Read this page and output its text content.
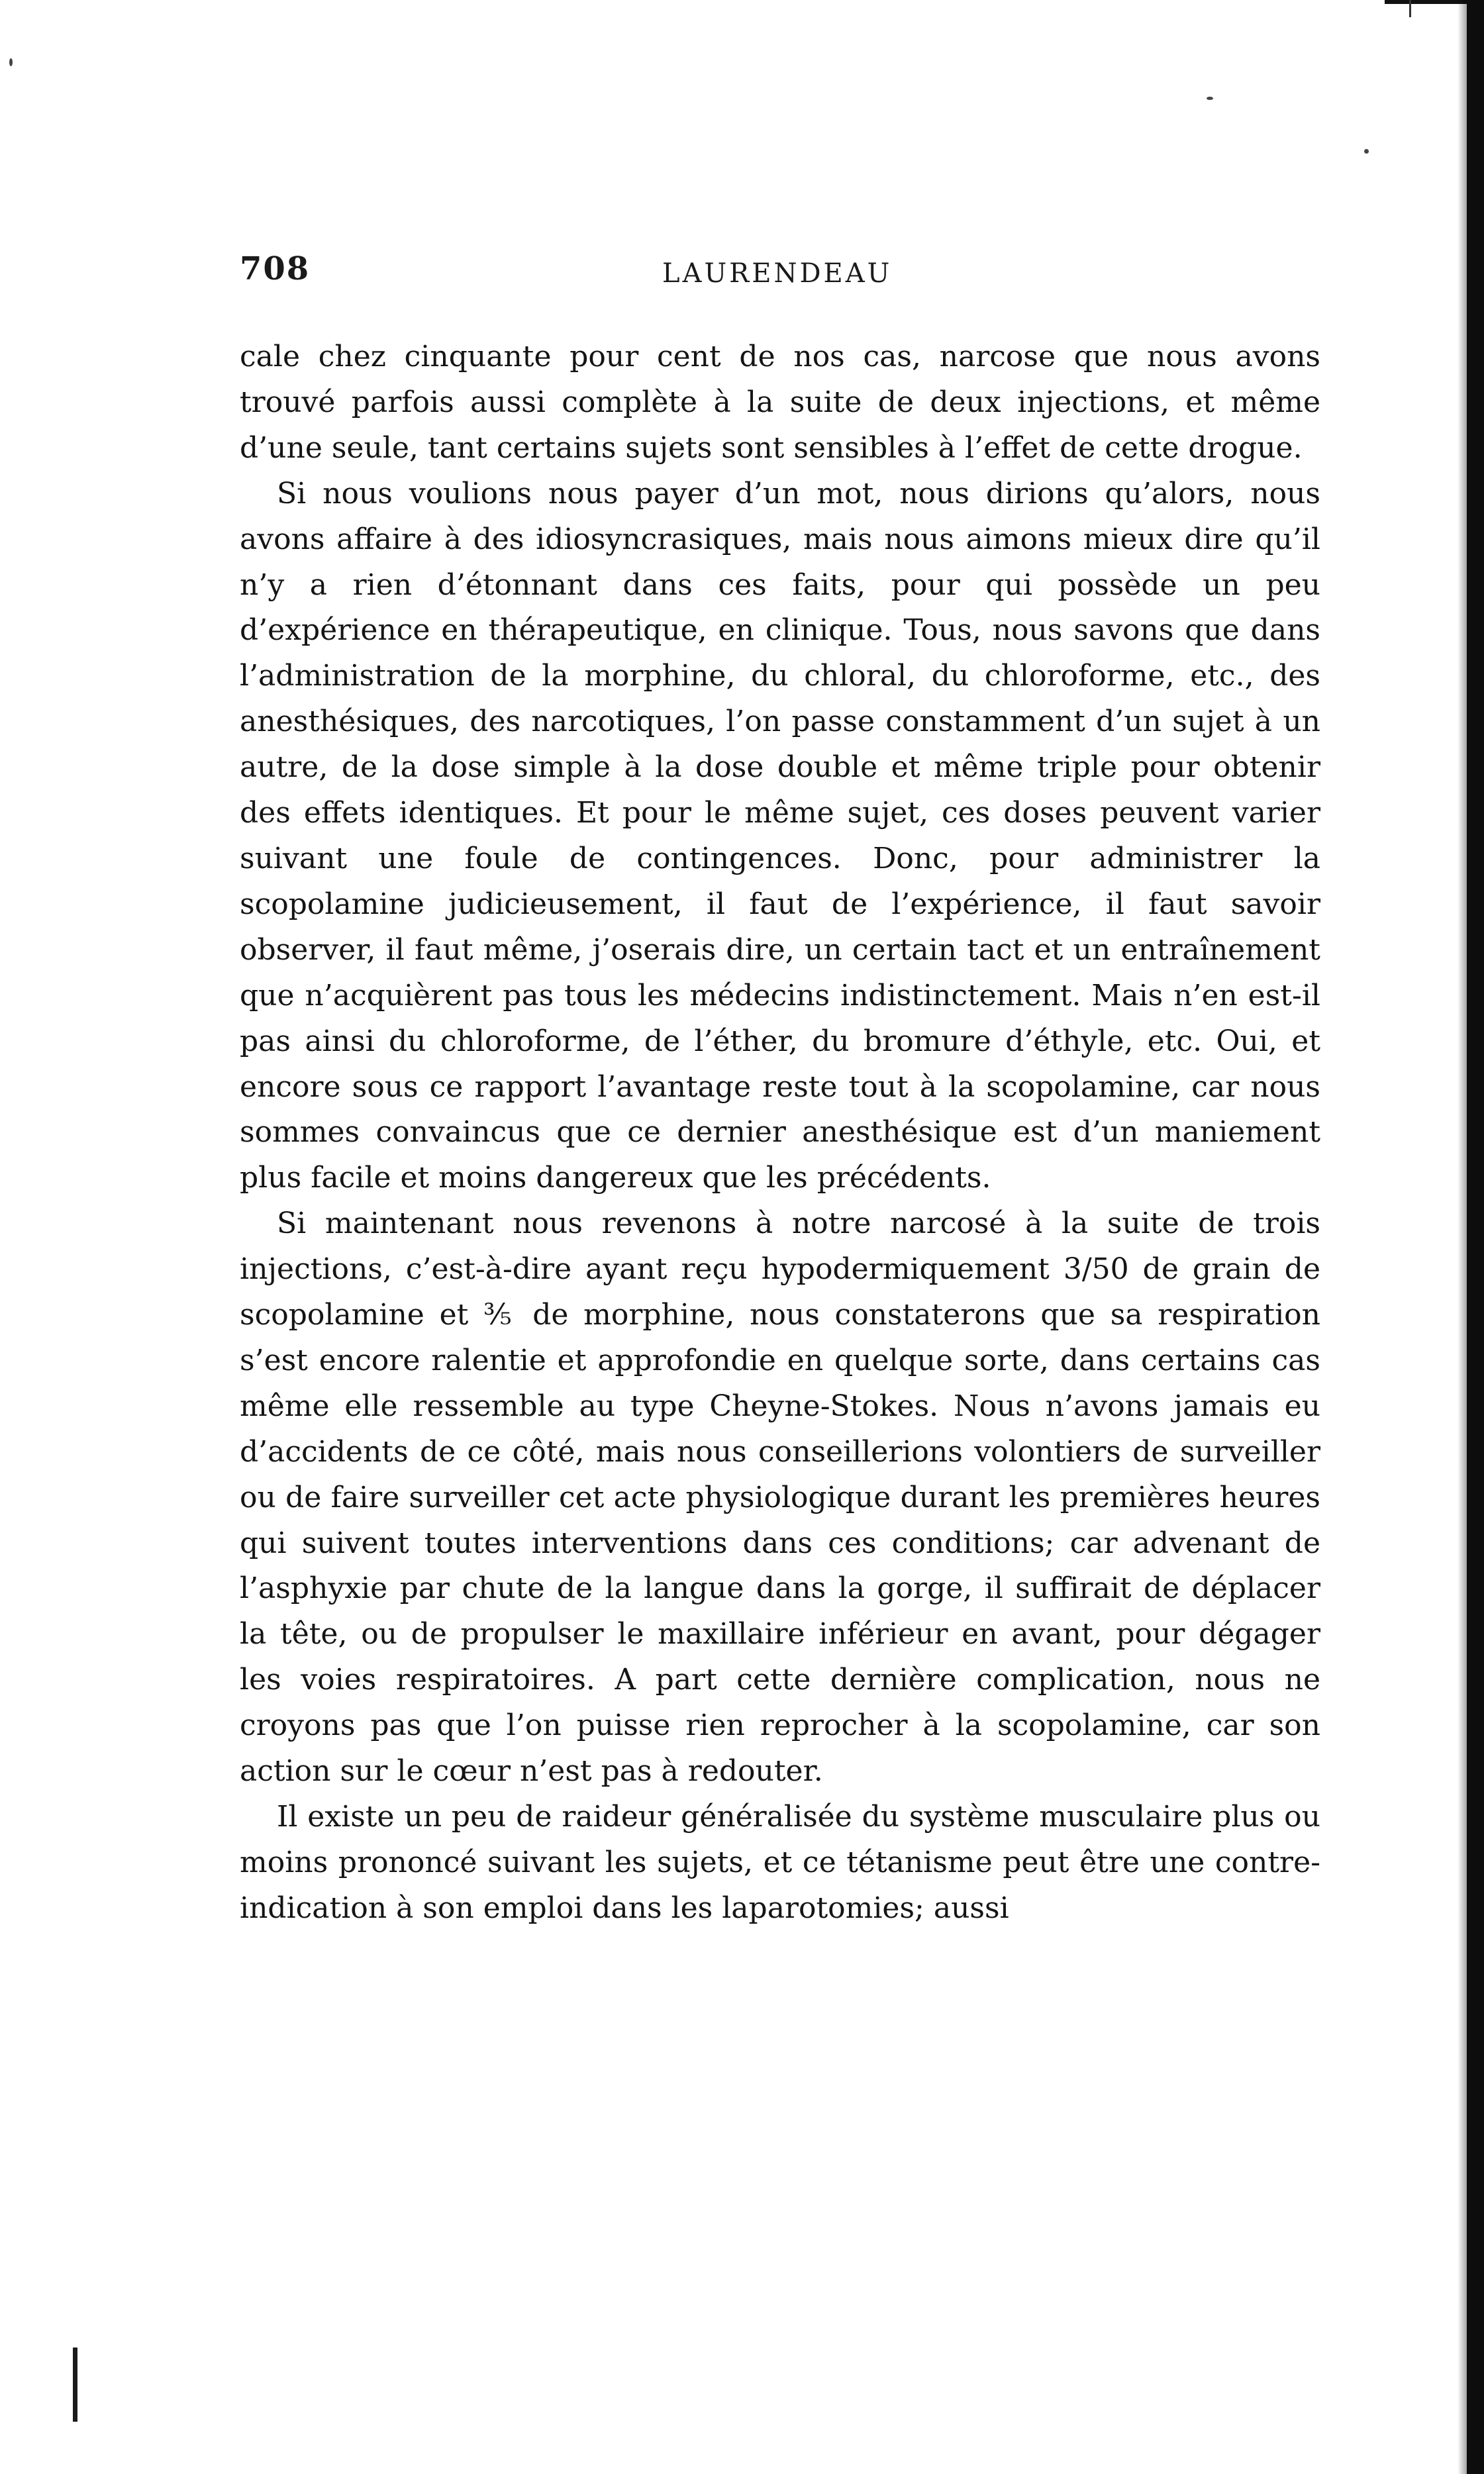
708	LAURENDEAU

cale chez cinquante pour cent de nos cas, narcose que nous avons trouvé parfois aussi complète à la suite de deux injections, et même d’une seule, tant certains sujets sont sensibles à l’effet de cette drogue.

Si nous voulions nous payer d’un mot, nous dirions qu’alors, nous avons affaire à des idiosyncrasiques, mais nous aimons mieux dire qu’il n’y a rien d’étonnant dans ces faits, pour qui possède un peu d’expérience en thérapeutique, en clinique. Tous, nous savons que dans l’administration de la morphine, du chloral, du chloroforme, etc., des anesthésiques, des narcotiques, l’on passe constamment d’un sujet à un autre, de la dose simple à la dose double et même triple pour obtenir des effets identiques. Et pour le même sujet, ces doses peuvent varier suivant une foule de contingences. Donc, pour administrer la scopolamine judicieusement, il faut de l’expérience, il faut savoir observer, il faut même, j’oserais dire, un certain tact et un entraînement que n’acquièrent pas tous les médecins indistinctement. Mais n’en est-il pas ainsi du chloroforme, de l’éther, du bromure d’éthyle, etc. Oui, et encore sous ce rapport l’avantage reste tout à la scopolamine, car nous sommes convaincus que ce dernier anesthésique est d’un maniement plus facile et moins dangereux que les précédents.

Si maintenant nous revenons à notre narcosé à la suite de trois injections, c’est-à-dire ayant reçu hypodermiquement 3/50 de grain de scopolamine et ⅗ de morphine, nous constaterons que sa respiration s’est encore ralentie et approfondie en quelque sorte, dans certains cas même elle ressemble au type Cheyne-Stokes. Nous n’avons jamais eu d’accidents de ce côté, mais nous conseillerions volontiers de surveiller ou de faire surveiller cet acte physiologique durant les premières heures qui suivent toutes interventions dans ces conditions; car advenant de l’asphyxie par chute de la langue dans la gorge, il suffirait de déplacer la tête, ou de propulser le maxillaire inférieur en avant, pour dégager les voies respiratoires. A part cette dernière complication, nous ne croyons pas que l’on puisse rien reprocher à la scopolamine, car son action sur le cœur n’est pas à redouter.

Il existe un peu de raideur généralisée du système musculaire plus ou moins prononcé suivant les sujets, et ce tétanisme peut être une contre-indication à son emploi dans les laparotomies; aussi
